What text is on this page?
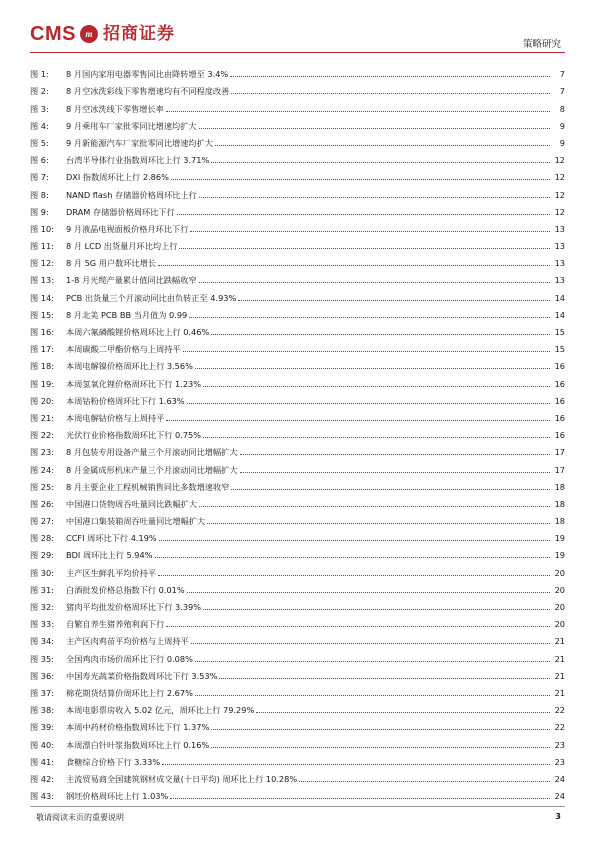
CMS m 招商证券
策略研究
图 1:	8 月国内家用电器零售同比由降转增至 3.4%	7
图 2:	8 月空冰洗彩线下零售增速均有不同程度改善	7
图 3:	8 月空冰洗线下零售增长率	8
图 4:	9 月乘用车厂家批零同比增速均扩大	9
图 5:	9 月新能源汽车厂家批零同比增速均扩大	9
图 6:	台湾半导体行业指数周环比上行 3.71%	12
图 7:	DXI 指数周环比上行 2.86%	12
图 8:	NAND flash 存储器价格周环比上行	12
图 9:	DRAM 存储器价格周环比下行	12
图 10:	9 月液晶电视面板价格月环比下行	13
图 11:	8 月 LCD 出货量月环比均上行	13
图 12:	8 月 5G 用户数环比增长	13
图 13:	1-8 月光缆产量累计值同比跌幅收窄	13
图 14:	PCB 出货量三个月滚动同比由负转正至 4.93%	14
图 15:	8 月北美 PCB BB 当月值为 0.99	14
图 16:	本周六氟磷酸锂价格周环比上行 0.46%	15
图 17:	本周碳酸二甲酯价格与上周持平	15
图 18:	本周电解镍价格周环比上行 3.56%	16
图 19:	本周氢氧化锂价格周环比下行 1.23%	16
图 20:	本周钴粉价格周环比下行 1.63%	16
图 21:	本周电解钴价格与上周持平	16
图 22:	光伏行业价格指数周环比下行 0.75%	16
图 23:	8 月包装专用设备产量三个月滚动同比增幅扩大	17
图 24:	8 月金属成形机床产量三个月滚动同比增幅扩大	17
图 25:	8 月主要企业工程机械销售同比多数增速收窄	18
图 26:	中国港口货物周吞吐量同比跌幅扩大	18
图 27:	中国港口集装箱周吞吐量同比增幅扩大	18
图 28:	CCFI 周环比下行 4.19%	19
图 29:	BDI 周环比上行 5.94%	19
图 30:	主产区生鲜乳平均价持平	20
图 31:	白酒批发价格总指数下行 0.01%	20
图 32:	猪肉平均批发价格周环比下行 3.39%	20
图 33:	自繁自养生猪养殖利润下行	20
图 34:	主产区肉鸡苗平均价格与上周持平	21
图 35:	全国鸡肉市场价周环比下行 0.08%	21
图 36:	中国寿光蔬菜价格指数周环比下行 3.53%	21
图 37:	棉花期货结算价周环比上行 2.67%	21
图 38:	本周电影票房收入 5.02 亿元，周环比上行 79.29%	22
图 39:	本周中药材价格指数周环比下行 1.37%	22
图 40:	本周漂白针叶浆指数周环比上行 0.16%	23
图 41:	食糖综合价格下行 3.33%	23
图 42:	主流贸易商全国建筑钢材成交量(十日平均) 周环比上行 10.28%	24
图 43:	钢坯价格周环比上行 1.03%	24
敬请阅读末页的重要说明	3
